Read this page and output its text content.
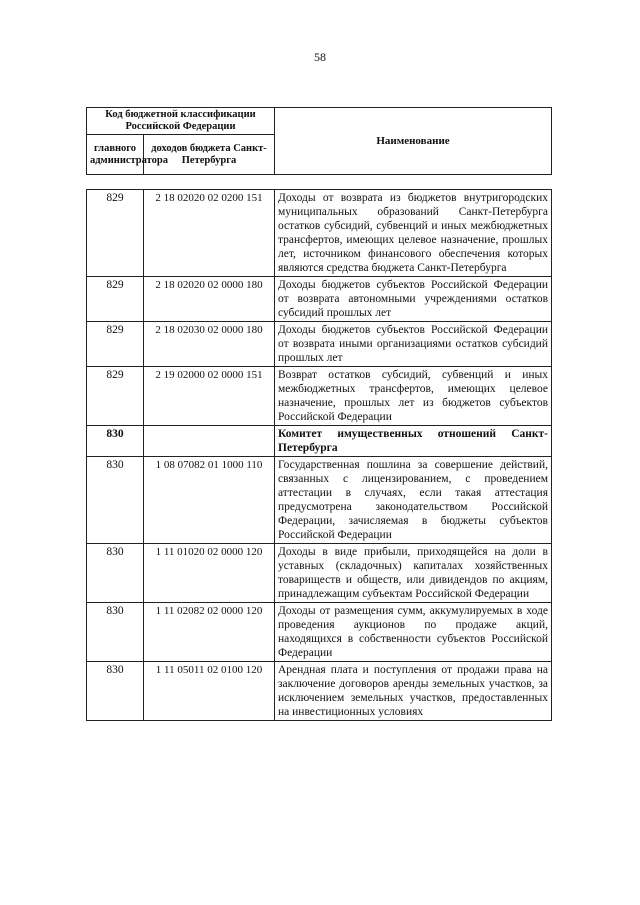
58
Код бюджетной классификации Российской Федерации		Наименование
главного администратора	доходов бюджета Санкт-Петербурга	
829	2 18 02020 02 0200 151	Доходы от возврата из бюджетов внутригородских муниципальных образований Санкт-Петербурга остатков субсидий, субвенций и иных межбюджетных трансфертов, имеющих целевое назначение, прошлых лет, источником финансового обеспечения которых являются средства бюджета Санкт-Петербурга
829	2 18 02020 02 0000 180	Доходы бюджетов субъектов Российской Федерации от возврата автономными учреждениями остатков субсидий прошлых лет
829	2 18 02030 02 0000 180	Доходы бюджетов субъектов Российской Федерации от возврата иными организациями остатков субсидий прошлых лет
829	2 19 02000 02 0000 151	Возврат остатков субсидий, субвенций и иных межбюджетных трансфертов, имеющих целевое назначение, прошлых лет из бюджетов субъектов Российской Федерации
830		Комитет имущественных отношений Санкт-Петербурга
830	1 08 07082 01 1000 110	Государственная пошлина за совершение действий, связанных с лицензированием, с проведением аттестации в случаях, если такая аттестация предусмотрена законодательством Российской Федерации, зачисляемая в бюджеты субъектов Российской Федерации
830	1 11 01020 02 0000 120	Доходы в виде прибыли, приходящейся на доли в уставных (складочных) капиталах хозяйственных товариществ и обществ, или дивидендов по акциям, принадлежащим субъектам Российской Федерации
830	1 11 02082 02 0000 120	Доходы от размещения сумм, аккумулируемых в ходе проведения аукционов по продаже акций, находящихся в собственности субъектов Российской Федерации
830	1 11 05011 02 0100 120	Арендная плата и поступления от продажи права на заключение договоров аренды земельных участков, за исключением земельных участков, предоставленных на инвестиционных условиях
